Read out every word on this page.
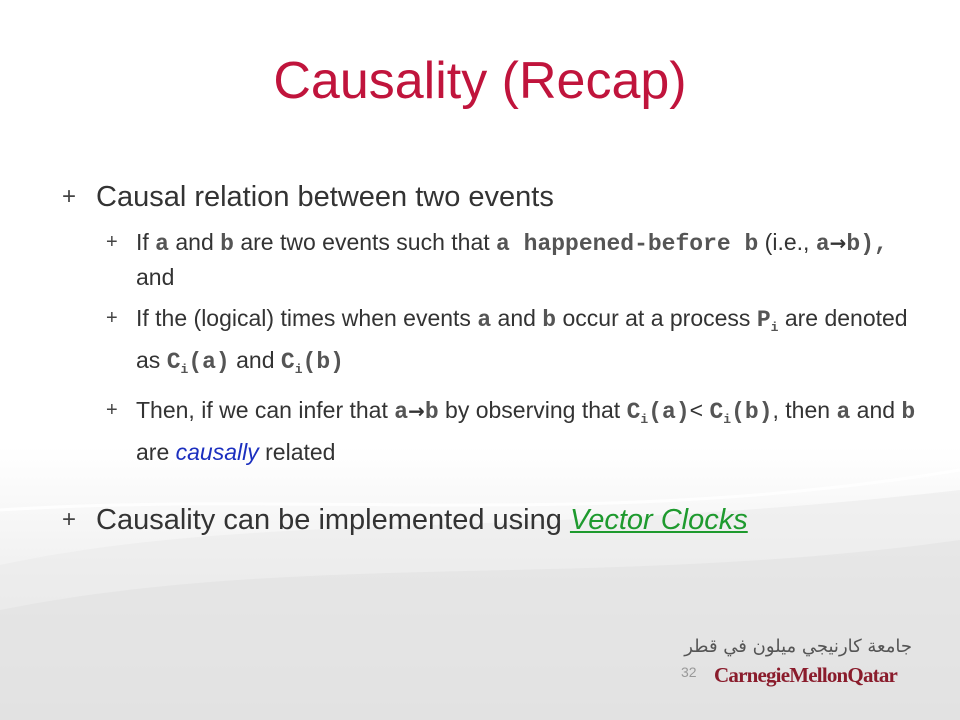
Causality (Recap)
+ Causal relation between two events
+ If a and b are two events such that a happened-before b (i.e., a→b), and
+ If the (logical) times when events a and b occur at a process $P_i$ are denoted as $C_i(a)$ and $C_i(b)$
+ Then, if we can infer that a→b by observing that $C_i(a)< C_i(b)$, then a and b are causally related
+ Causality can be implemented using Vector Clocks
32
جامعة كارنيجي ميلون في قطر
CarnegieMellonQatar
